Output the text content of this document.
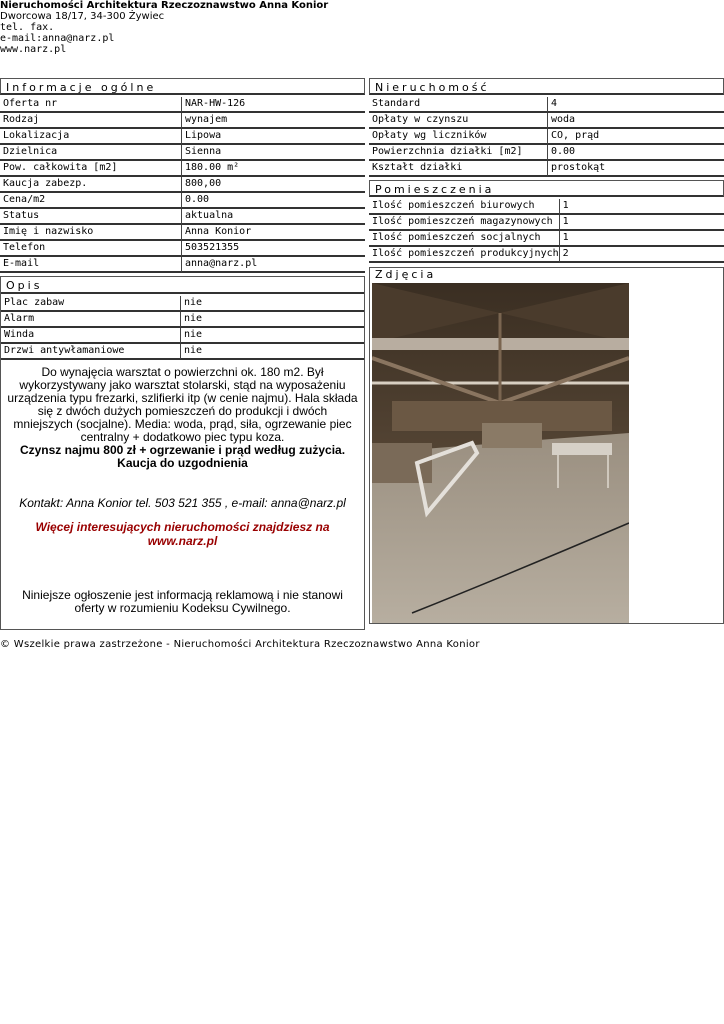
Nieruchomości Architektura Rzeczoznawstwo Anna Konior
Dworcowa 18/17, 34-300 Żywiec
tel. fax.
e-mail:anna@narz.pl
www.narz.pl
Informacje ogólne
Oferta nr	NAR-HW-126
Rodzaj	wynajem
Lokalizacja	Lipowa
Dzielnica	Sienna
Pow. całkowita [m2]	180.00 m²
Kaucja zabezp.	800,00
Cena/m2	0.00
Status	aktualna
Imię i nazwisko	Anna Konior
Telefon	503521355
E-mail	anna@narz.pl
Opis
Plac zabaw	nie
Alarm	nie
Winda	nie
Drzwi antywłamaniowe	nie
Do wynajęcia warsztat o powierzchni ok. 180 m2. Był wykorzystywany jako warsztat stolarski, stąd na wyposażeniu urządzenia typu frezarki, szlifierki itp (w cenie najmu). Hala składa się z dwóch dużych pomieszczeń do produkcji i dwóch mniejszych (socjalne). Media: woda, prąd, siła, ogrzewanie piec centralny + dodatkowo piec typu koza.
Czynsz najmu 800 zł + ogrzewanie i prąd według zużycia.
Kaucja do uzgodnienia
Kontakt: Anna Konior tel. 503 521 355 , e-mail: anna@narz.pl
Więcej interesujących nieruchomości znajdziesz na www.narz.pl
Niniejsze ogłoszenie jest informacją reklamową i nie stanowi oferty w rozumieniu Kodeksu Cywilnego.
Nieruchomość
Standard	4
Opłaty w czynszu	woda
Opłaty wg liczników	CO, prąd
Powierzchnia działki [m2]	0.00
Kształt działki	prostokąt
Pomieszczenia
Ilość pomieszczeń biurowych	1
Ilość pomieszczeń magazynowych	1
Ilość pomieszczeń socjalnych	1
Ilość pomieszczeń produkcyjnych	2
Zdjęcia
© Wszelkie prawa zastrzeżone - Nieruchomości Architektura Rzeczoznawstwo Anna Konior
